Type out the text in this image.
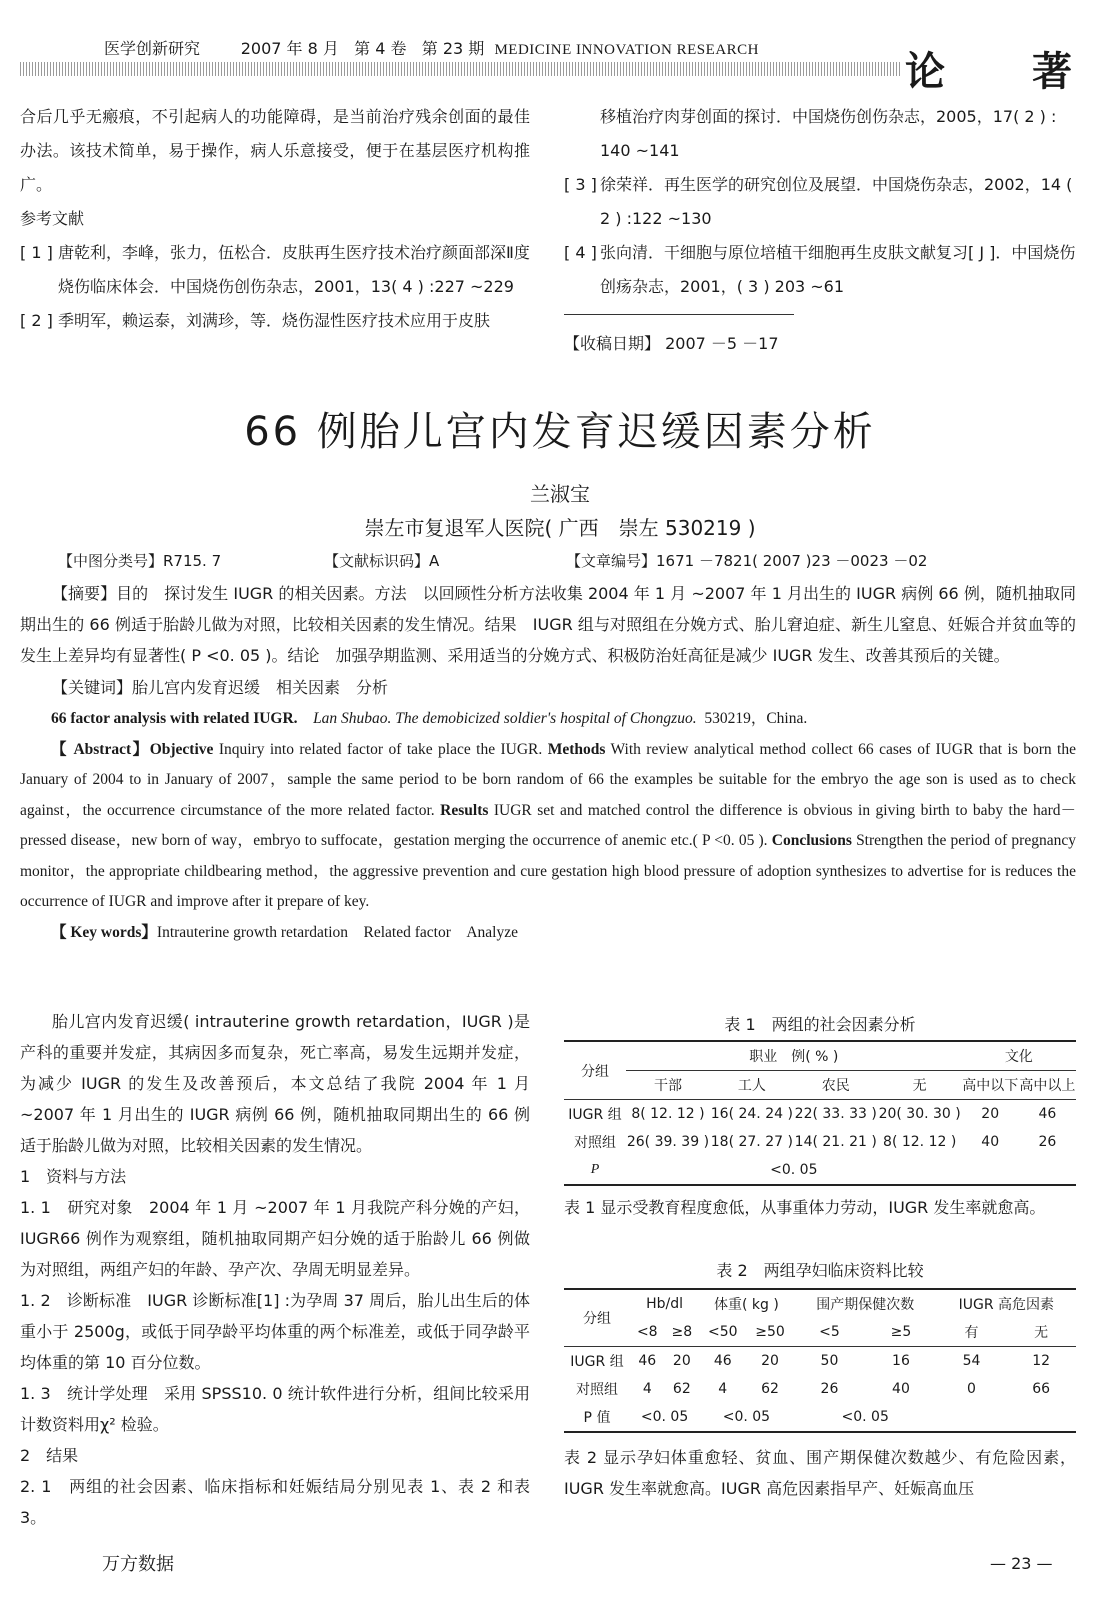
医学创新研究	2007 年 8 月   第 4 卷   第 23 期 MEDICINE INNOVATION RESEARCH	论 著

合后几乎无瘢痕，不引起病人的功能障碍，是当前治疗残余创面的最佳办法。该技术简单，易于操作，病人乐意接受，便于在基层医疗机构推广。

参考文献

[ 1 ] 唐乾利，李峰，张力，伍松合．皮肤再生医疗技术治疗颜面部深Ⅱ度烧伤临床体会．中国烧伤创伤杂志，2001，13( 4 ) :227 ~229
[ 2 ] 季明军，赖运泰，刘满珍，等．烧伤湿性医疗技术应用于皮肤
移植治疗肉芽创面的探讨．中国烧伤创伤杂志，2005，17( 2 ) : 140 ~141
[ 3 ] 徐荣祥．再生医学的研究创位及展望．中国烧伤杂志，2002，14 ( 2 ) :122 ~130
[ 4 ] 张向清．干细胞与原位培植干细胞再生皮肤文献复习[ J ]．中国烧伤创疡杂志，2001，( 3 ) 203 ~61

【收稿日期】 2007 －5 －17

66 例胎儿宫内发育迟缓因素分析
兰淑宝
崇左市复退军人医院( 广西　崇左 530219 )
【中图分类号】R715. 7	【文献标识码】A	【文章编号】1671 －7821( 2007 )23 －0023 －02

【摘要】目的　探讨发生 IUGR 的相关因素。方法　以回顾性分析方法收集 2004 年 1 月 ~2007 年 1 月出生的 IUGR 病例 66 例，随机抽取同期出生的 66 例适于胎龄儿做为对照，比较相关因素的发生情况。结果　IUGR 组与对照组在分娩方式、胎儿窘迫症、新生儿窒息、妊娠合并贫血等的发生上差异均有显著性( P <0. 05 )。结论　加强孕期监测、采用适当的分娩方式、积极防治妊高征是减少 IUGR 发生、改善其预后的关键。

【关键词】胎儿宫内发育迟缓　相关因素　分析

66 factor analysis with related IUGR. Lan Shubao. The demobicized soldier's hospital of Chongzuo. 530219，China.

【 Abstract】Objective Inquiry into related factor of take place the IUGR. Methods With review analytical method collect 66 cases of IUGR that is born the January of 2004 to in January of 2007，sample the same period to be born random of 66 the examples be suitable for the embryo the age son is used as to check against，the occurrence circumstance of the more related factor. Results IUGR set and matched control the difference is obvious in giving birth to baby the hard－pressed disease，new born of way，embryo to suffocate，gestation merging the occurrence of anemic etc.( P <0. 05 ). Conclusions Strengthen the period of pregnancy monitor，the appropriate childbearing method，the aggressive prevention and cure gestation high blood pressure of adoption synthesizes to advertise for is reduces the occurrence of IUGR and improve after it prepare of key.

【 Key words】Intrauterine growth retardation　Related factor　Analyze

胎儿宫内发育迟缓( intrauterine growth retardation，IUGR )是产科的重要并发症，其病因多而复杂，死亡率高，易发生远期并发症，为减少 IUGR 的发生及改善预后，本文总结了我院 2004 年 1 月 ~2007 年 1 月出生的 IUGR 病例 66 例，随机抽取同期出生的 66 例适于胎龄儿做为对照，比较相关因素的发生情况。

1　资料与方法

1. 1　研究对象　2004 年 1 月 ~2007 年 1 月我院产科分娩的产妇，IUGR66 例作为观察组，随机抽取同期产妇分娩的适于胎龄儿 66 例做为对照组，两组产妇的年龄、孕产次、孕周无明显差异。

1. 2　诊断标准　IUGR 诊断标准[1] :为孕周 37 周后，胎儿出生后的体重小于 2500g，或低于同孕龄平均体重的两个标准差，或低于同孕龄平均体重的第 10 百分位数。

1. 3　统计学处理　采用 SPSS10. 0 统计软件进行分析，组间比较采用计数资料用χ² 检验。

2　结果

2. 1　两组的社会因素、临床指标和妊娠结局分别见表 1、表 2 和表 3。

表 1　两组的社会因素分析
分组	职业　例( % )				文化	
	干部	工人	农民	无	高中以下	高中以上
IUGR 组	8( 12. 12 )	16( 24. 24 )	22( 33. 33 )	20( 30. 30 )	20	46
对照组	26( 39. 39 )	18( 27. 27 )	14( 21. 21 )	8( 12. 12 )	40	26
P	<0. 05					
表 1 显示受教育程度愈低，从事重体力劳动，IUGR 发生率就愈高。
表 2　两组孕妇临床资料比较
分组	Hb/dl		体重( kg )		围产期保健次数		IUGR 高危因素	
	<8	≥8	<50	≥50	<5	≥5	有	无
IUGR 组	46	20	46	20	50	16	54	12
对照组	4	62	4	62	26	40	0	66
P 值	<0. 05		<0. 05		<0. 05			
表 2 显示孕妇体重愈轻、贫血、围产期保健次数越少、有危险因素，IUGR 发生率就愈高。IUGR 高危因素指早产、妊娠高血压
万方数据	— 23 —
